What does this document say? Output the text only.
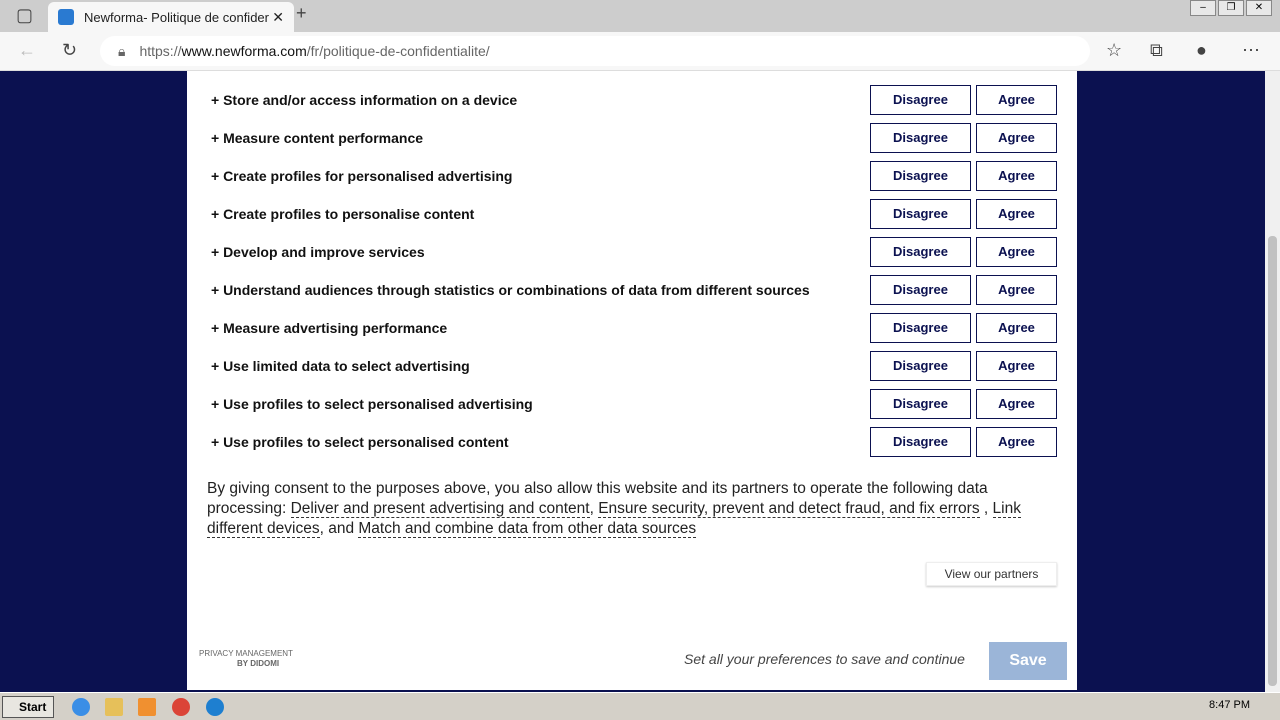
▢	Newforma- Politique de confider ✕ +	–	❐	✕
← ↻	🔒︎ https:// www.newforma.com /fr/politique-de-confidentialite/	☆ ⧉ ● ⋯
By giving consent to the purposes above, you also allow this website and its partners to operate the following data processing: Deliver and present advertising and content, Ensure security, prevent and detect fraud, and fix errors , Link different devices, and Match and combine data from other data sources
View our partners
PRIVACY MANAGEMENT
BY DIDOMI	Set all your preferences to save and continue	Save
+ Store and/or access information on a device	Disagree	Agree
+ Measure content performance	Disagree	Agree
+ Create profiles for personalised advertising	Disagree	Agree
+ Create profiles to personalise content	Disagree	Agree
+ Develop and improve services	Disagree	Agree
+ Understand audiences through statistics or combinations of data from different sources	Disagree	Agree
+ Measure advertising performance	Disagree	Agree
+ Use limited data to select advertising	Disagree	Agree
+ Use profiles to select personalised advertising	Disagree	Agree
+ Use profiles to select personalised content	Disagree	Agree
Start	8:47 PM
